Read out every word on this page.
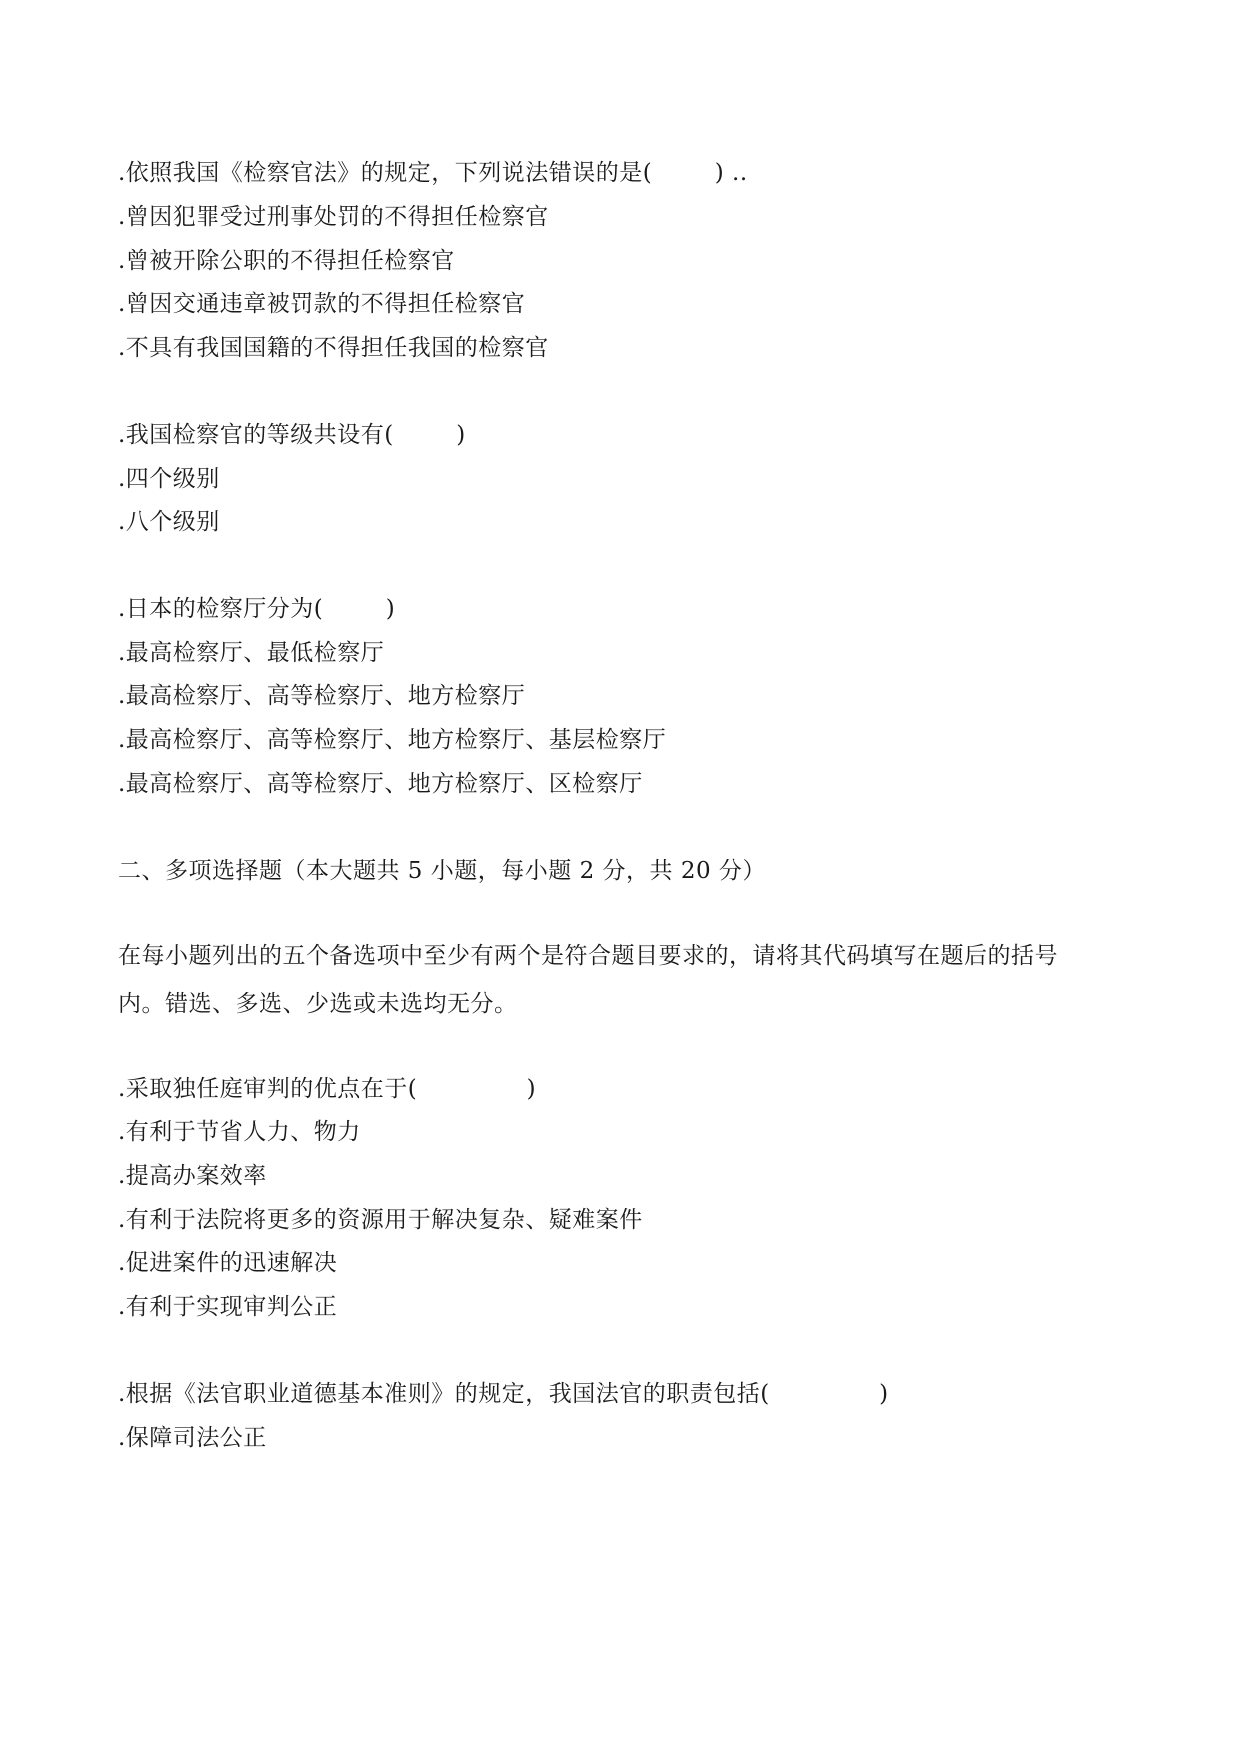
.依照我国《检察官法》的规定，下列说法错误的是(        ) ..
.曾因犯罪受过刑事处罚的不得担任检察官
.曾被开除公职的不得担任检察官
.曾因交通违章被罚款的不得担任检察官
.不具有我国国籍的不得担任我国的检察官
.我国检察官的等级共设有(        )
.四个级别
.八个级别
.日本的检察厅分为(        )
.最高检察厅、最低检察厅
.最高检察厅、高等检察厅、地方检察厅
.最高检察厅、高等检察厅、地方检察厅、基层检察厅
.最高检察厅、高等检察厅、地方检察厅、区检察厅
二、多项选择题（本大题共 5 小题，每小题 2 分，共 20 分）
在每小题列出的五个备选项中至少有两个是符合题目要求的，请将其代码填写在题后的括号
内。错选、多选、少选或未选均无分。
.采取独任庭审判的优点在于(              )
.有利于节省人力、物力
.提高办案效率
.有利于法院将更多的资源用于解决复杂、疑难案件
.促进案件的迅速解决
.有利于实现审判公正
.根据《法官职业道德基本准则》的规定，我国法官的职责包括(              )
.保障司法公正
